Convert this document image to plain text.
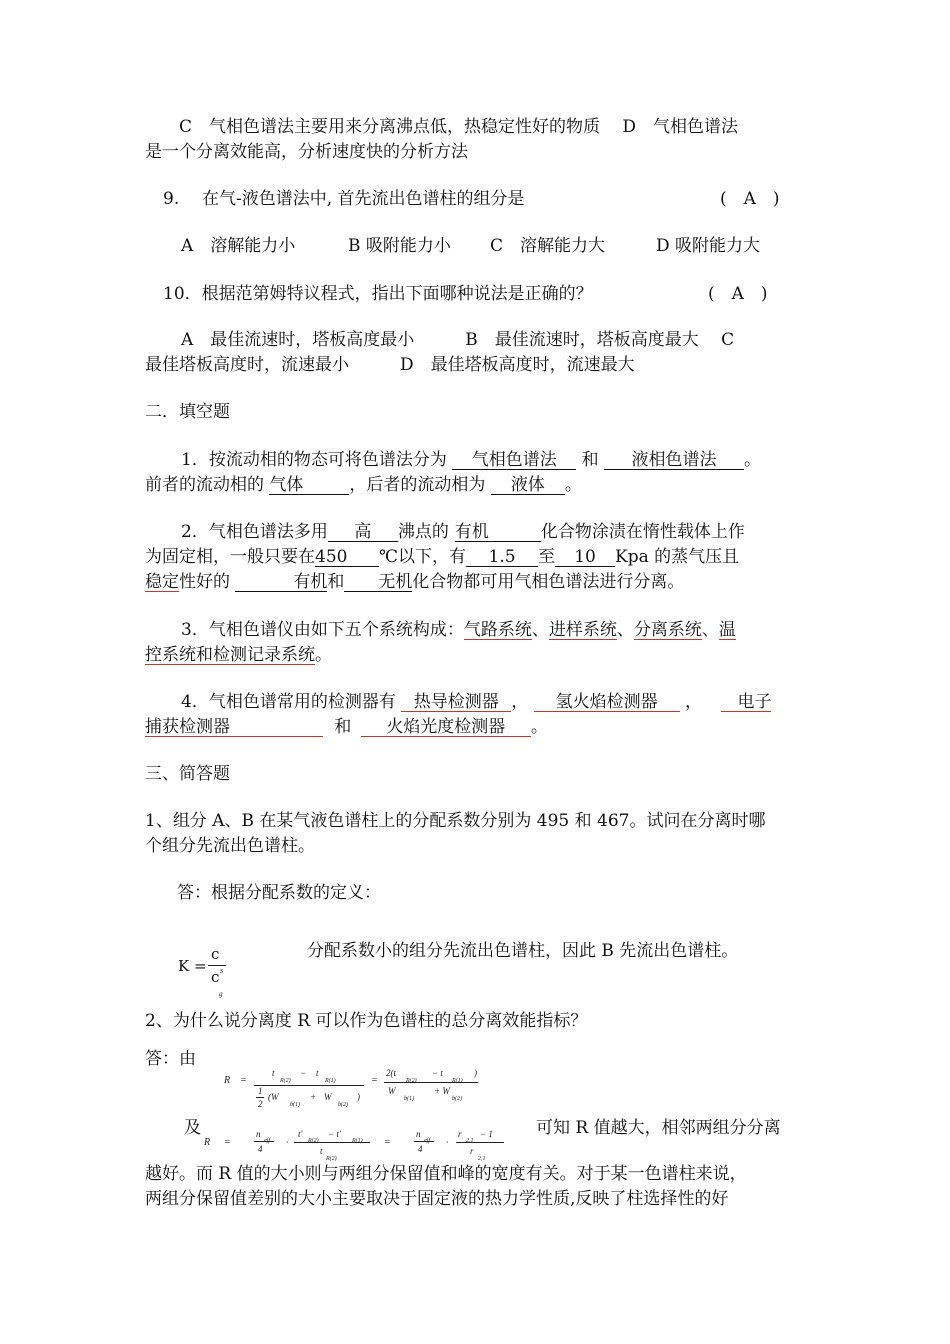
C　气相色谱法主要用来分离沸点低，热稳定性好的物质　 D　气相色谱法
是一个分离效能高，分析速度快的分析方法
9. 在气-液色谱法中, 首先流出色谱柱的组分是	(　A　)
A　溶解能力小	B 吸附能力小 C　溶解能力大	D 吸附能力大
10．根据范第姆特议程式，指出下面哪种说法是正确的？	(　A　)
A　最佳流速时，塔板高度最小　　　B　最佳流速时，塔板高度最大　 C
最佳塔板高度时，流速最小　　　D　最佳塔板高度时，流速最大
二．填空题
1．按流动相的物态可将色谱法分为 气相色谱法 和 液相色谱法 。
前者的流动相的 气体	，后者的流动相为 液体 。
2．气相色谱法多用 高 沸点的 有机	化合物涂渍在惰性载体上作
为固定相，一般只要在450 ℃以下，有 1.5 至 10 Kpa 的蒸气压且
稳定性好的	有机和 无机化合物都可用气相色谱法进行分离。
3．气相色谱仪由如下五个系统构成：气路系统、进样系统、分离系统、温
控系统和检测记录系统。
4．气相色谱常用的检测器有 热导检测器 ， 氢火焰检测器 ， 电子
捕获检测器	和 火焰光度检测器 。
三、简答题
1、组分 A、B 在某气液色谱柱上的分配系数分别为 495 和 467。试问在分离时哪
个组分先流出色谱柱。
答：根据分配系数的定义：
K =
c
c s
g
分配系数小的组分先流出色谱柱，因此 B 先流出色谱柱。
2、为什么说分离度 R 可以作为色谱柱的总分离效能指标？
答：由
R =
t	− t
R(2)	R(1)
1
2
(W	+ W	)
b(1)	b(2)
=
2(t	− t	)
R(2)	R(1)
W	+ W
b(1)	b(2)
及
R =
n
eff
4
·
t'	− t'
R(2)	R(1)
t
R(2)
=
n
eff
4
·
r − 1
2,1
r
2,1
可知 R 值越大，相邻两组分分离
越好。而 R 值的大小则与两组分保留值和峰的宽度有关。对于某一色谱柱来说，
两组分保留值差别的大小主要取决于固定液的热力学性质,反映了柱选择性的好
